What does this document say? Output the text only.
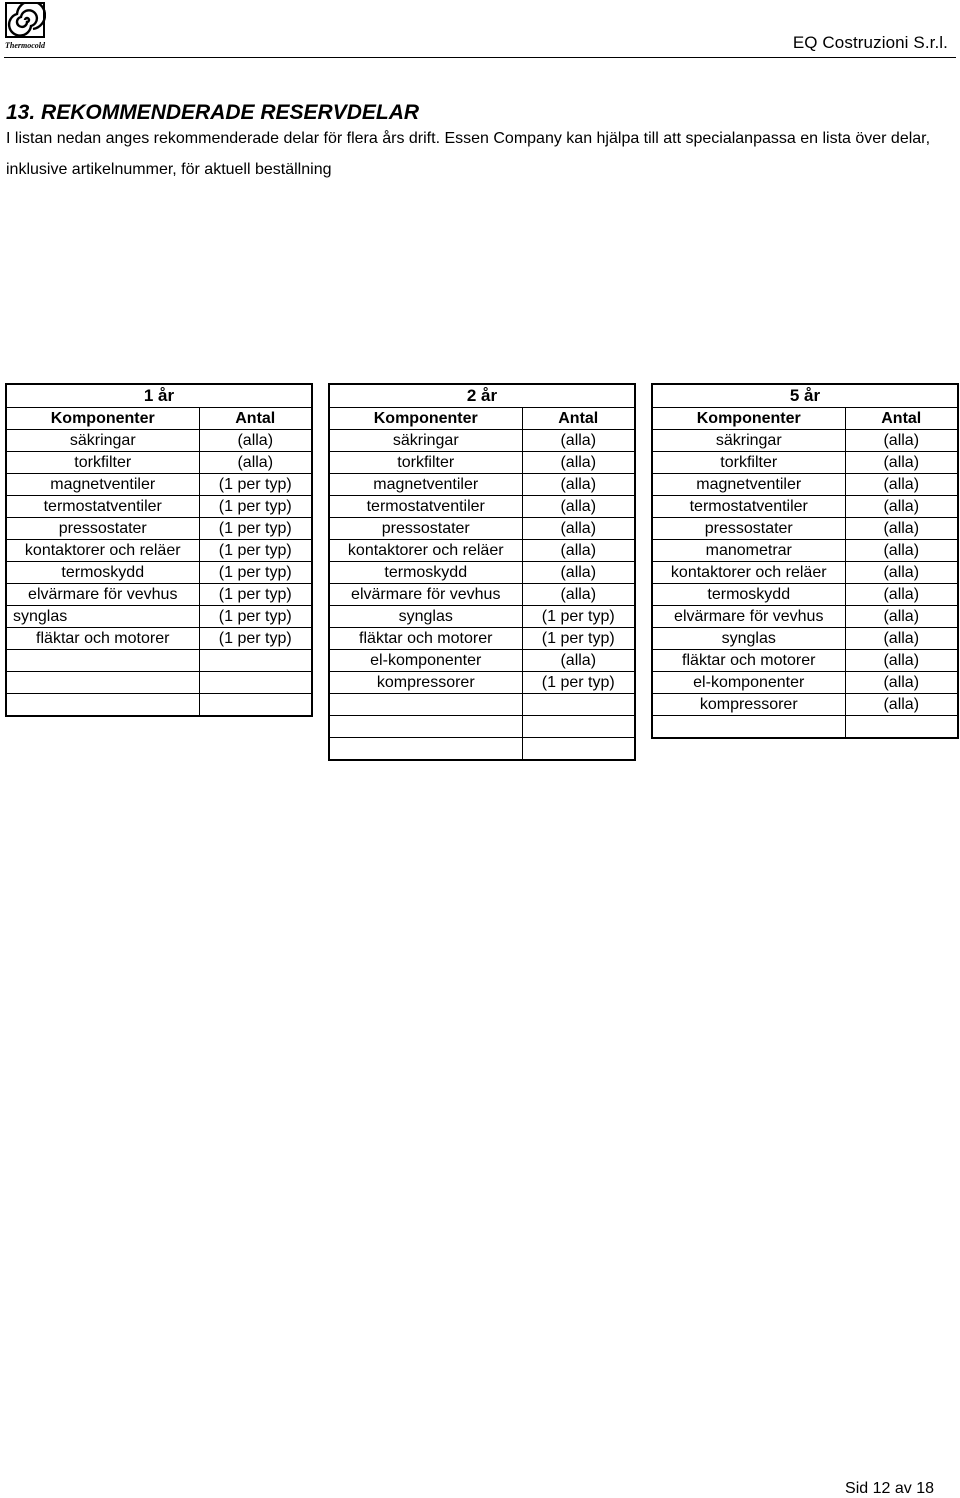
Thermocold	EQ Costruzioni S.r.l.
13. REKOMMENDERADE RESERVDELAR
I listan nedan anges rekommenderade delar för flera års drift. Essen Company kan hjälpa till att specialanpassa en lista över delar, inklusive artikelnummer, för aktuell beställning
1 år	
Komponenter	Antal
säkringar	(alla)
torkfilter	(alla)
magnetventiler	(1 per typ)
termostatventiler	(1 per typ)
pressostater	(1 per typ)
kontaktorer och reläer	(1 per typ)
termoskydd	(1 per typ)
elvärmare för vevhus	(1 per typ)
synglas	(1 per typ)
fläktar och motorer	(1 per typ)

2 år	
Komponenter	Antal
säkringar	(alla)
torkfilter	(alla)
magnetventiler	(alla)
termostatventiler	(alla)
pressostater	(alla)
kontaktorer och reläer	(alla)
termoskydd	(alla)
elvärmare för vevhus	(alla)
synglas	(1 per typ)
fläktar och motorer	(1 per typ)
el-komponenter	(alla)
kompressorer	(1 per typ)

5 år	
Komponenter	Antal
säkringar	(alla)
torkfilter	(alla)
magnetventiler	(alla)
termostatventiler	(alla)
pressostater	(alla)
manometrar	(alla)
kontaktorer och reläer	(alla)
termoskydd	(alla)
elvärmare för vevhus	(alla)
synglas	(alla)
fläktar och motorer	(alla)
el-komponenter	(alla)
kompressorer	(alla)

Sid 12 av 18
